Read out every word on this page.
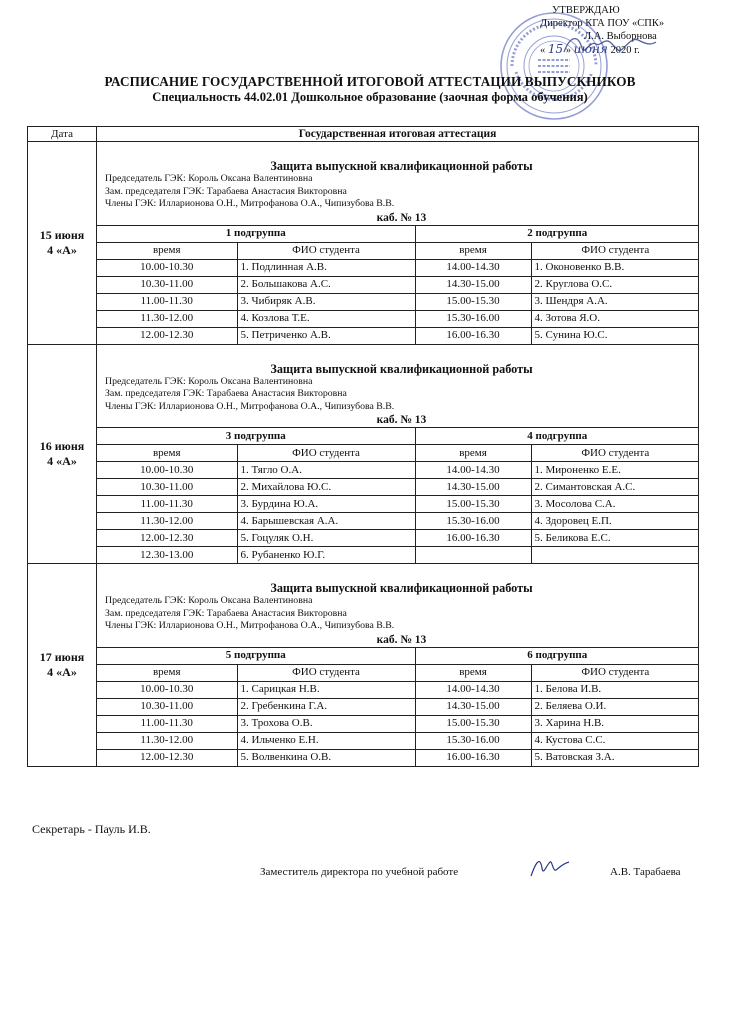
УТВЕРЖДАЮ
Директор КГА ПОУ «СПК»
Л.А. Выборнова
« 15 » июня 2020 г.
РАСПИСАНИЕ ГОСУДАРСТВЕННОЙ ИТОГОВОЙ АТТЕСТАЦИИ ВЫПУСКНИКОВ
Специальность 44.02.01 Дошкольное образование (заочная форма обучения)
Дата	Государственная итоговая аттестация

15 июня
4 «А»

Защита выпускной квалификационной работы
Председатель ГЭК: Король Оксана Валентиновна
Зам. председателя ГЭК: Тарабаева Анастасия Викторовна
Члены ГЭК: Илларионова О.Н., Митрофанова О.А., Чипизубова В.В.
каб. № 13
1 подгруппа	2 подгруппа
время	ФИО студента	время	ФИО студента
10.00-10.30	1. Подлинная А.В.	14.00-14.30	1. Оконовенко В.В.
10.30-11.00	2. Большакова А.С.	14.30-15.00	2. Круглова О.С.
11.00-11.30	3. Чибиряк А.В.	15.00-15.30	3. Шендря А.А.
11.30-12.00	4. Козлова Т.Е.	15.30-16.00	4. Зотова Я.О.
12.00-12.30	5. Петриченко А.В.	16.00-16.30	5. Сунина Ю.С.

16 июня
4 «А»

Защита выпускной квалификационной работы
Председатель ГЭК: Король Оксана Валентиновна
Зам. председателя ГЭК: Тарабаева Анастасия Викторовна
Члены ГЭК: Илларионова О.Н., Митрофанова О.А., Чипизубова В.В.
каб. № 13
3 подгруппа	4 подгруппа
время	ФИО студента	время	ФИО студента
10.00-10.30	1. Тягло О.А.	14.00-14.30	1. Мироненко Е.Е.
10.30-11.00	2. Михайлова Ю.С.	14.30-15.00	2. Симантовская А.С.
11.00-11.30	3. Бурдина Ю.А.	15.00-15.30	3. Мосолова С.А.
11.30-12.00	4. Барышевская А.А.	15.30-16.00	4. Здоровец Е.П.
12.00-12.30	5. Гоцуляк О.Н.	16.00-16.30	5. Беликова Е.С.
12.30-13.00	6. Рубаненко Ю.Г.		

17 июня
4 «А»

Защита выпускной квалификационной работы
Председатель ГЭК: Король Оксана Валентиновна
Зам. председателя ГЭК: Тарабаева Анастасия Викторовна
Члены ГЭК: Илларионова О.Н., Митрофанова О.А., Чипизубова В.В.
каб. № 13
5 подгруппа	6 подгруппа
время	ФИО студента	время	ФИО студента
10.00-10.30	1. Сарицкая Н.В.	14.00-14.30	1. Белова И.В.
10.30-11.00	2. Гребенкина Г.А.	14.30-15.00	2. Беляева О.И.
11.00-11.30	3. Трохова О.В.	15.00-15.30	3. Харина Н.В.
11.30-12.00	4. Ильченко Е.Н.	15.30-16.00	4. Кустова С.С.
12.00-12.30	5. Волвенкина О.В.	16.00-16.30	5. Ватовская З.А.
Секретарь - Пауль И.В.
Заместитель директора по учебной работе	А.В. Тарабаева
